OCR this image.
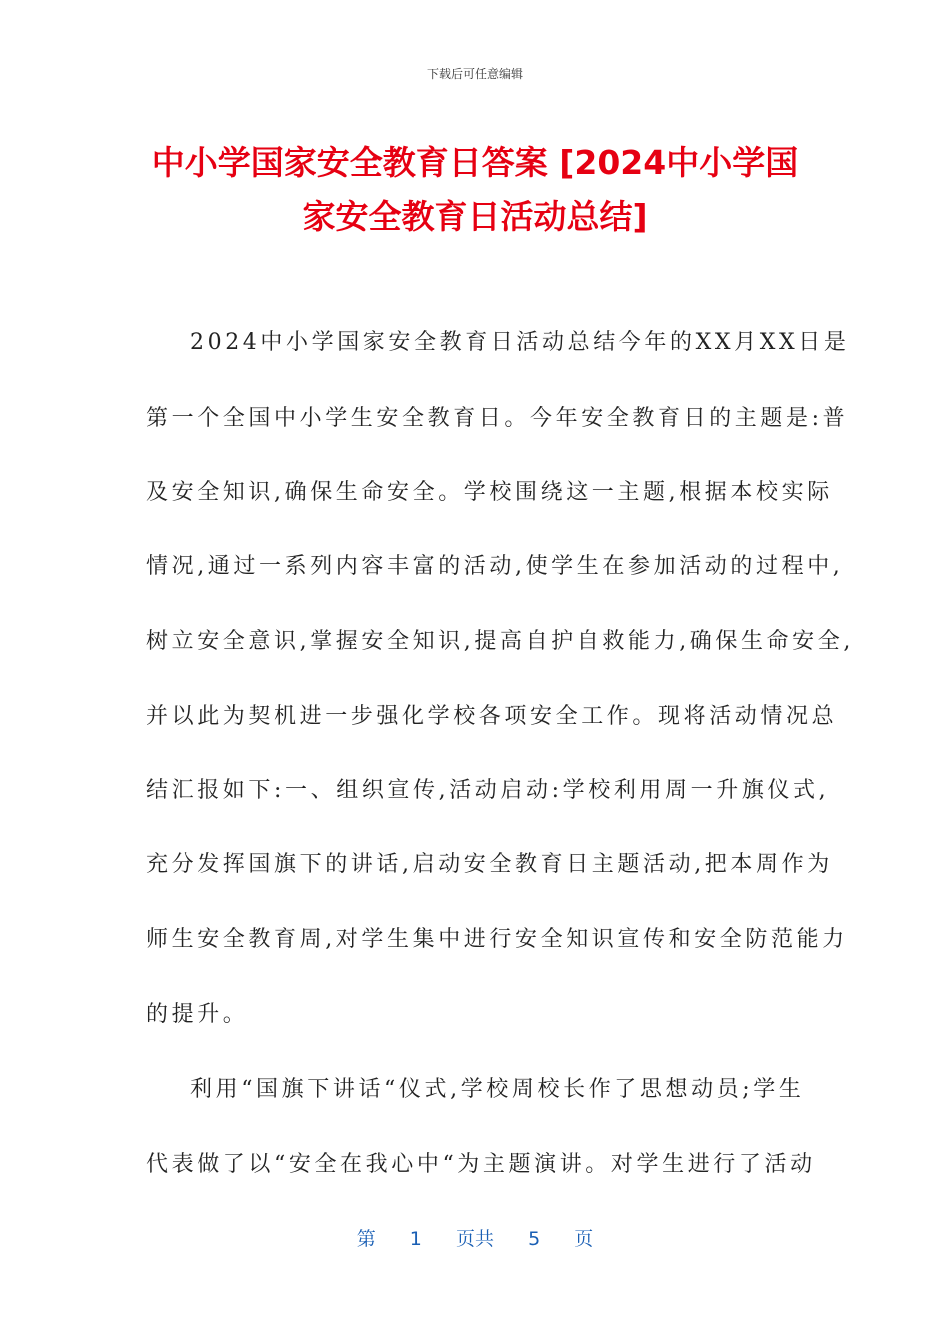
下载后可任意编辑
中小学国家安全教育日答案 [2024中小学国
家安全教育日活动总结]

2024中小学国家安全教育日活动总结今年的XX月XX日是

第一个全国中小学生安全教育日。今年安全教育日的主题是:普

及安全知识,确保生命安全。学校围绕这一主题,根据本校实际

情况,通过一系列内容丰富的活动,使学生在参加活动的过程中,

树立安全意识,掌握安全知识,提高自护自救能力,确保生命安全,

并以此为契机进一步强化学校各项安全工作。现将活动情况总

结汇报如下:一、组织宣传,活动启动:学校利用周一升旗仪式,

充分发挥国旗下的讲话,启动安全教育日主题活动,把本周作为

师生安全教育周,对学生集中进行安全知识宣传和安全防范能力

的提升。

利用“国旗下讲话“仪式,学校周校长作了思想动员;学生

代表做了以“安全在我心中“为主题演讲。对学生进行了活动

第 1 页共 5 页
